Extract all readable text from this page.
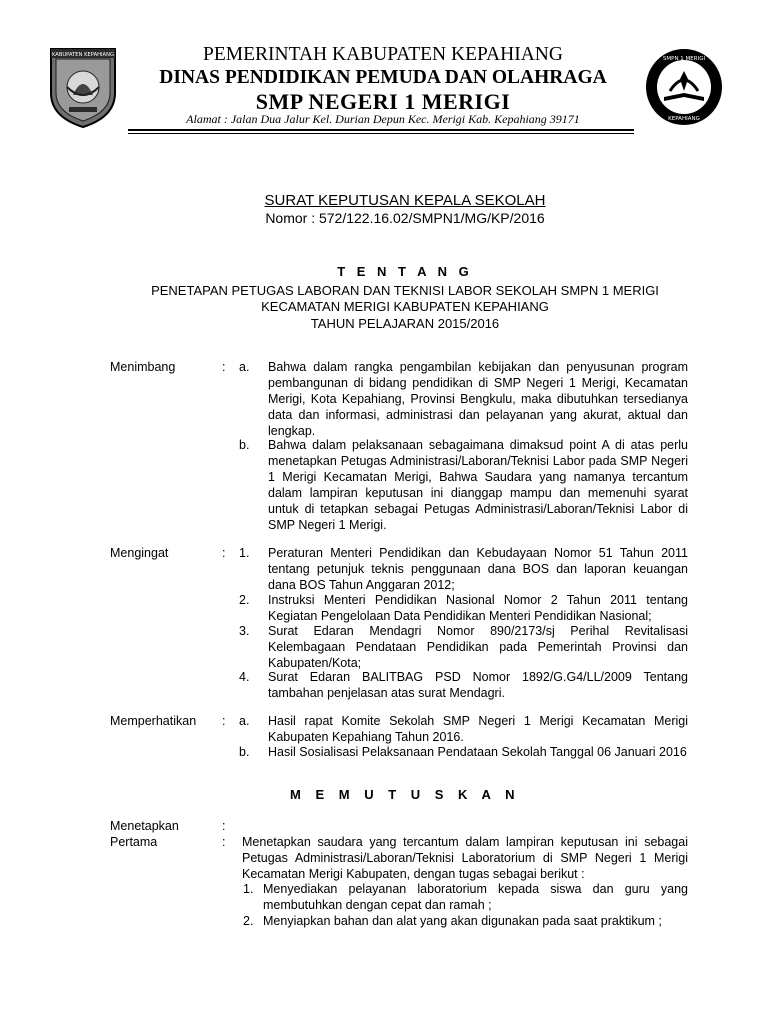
KABUPATEN KEPAHIANG	PEMERINTAH KABUPATEN KEPAHIANG
DINAS PENDIDIKAN PEMUDA DAN OLAHRAGA
SMP NEGERI 1 MERIGI
Alamat : Jalan Dua Jalur Kel. Durian Depun Kec. Merigi Kab. Kepahiang 39171
SMPN 1 MERIGI
KEPAHIANG
SURAT KEPUTUSAN KEPALA SEKOLAH
Nomor : 572/122.16.02/SMPN1/MG/KP/2016
T E N T A N G
PENETAPAN PETUGAS LABORAN DAN TEKNISI LABOR SEKOLAH SMPN 1 MERIGI
KECAMATAN MERIGI KABUPATEN KEPAHIANG
TAHUN PELAJARAN 2015/2016
Menimbang	: a. Bahwa dalam rangka pengambilan kebijakan dan penyusunan program pembangunan di bidang pendidikan di SMP Negeri 1 Merigi, Kecamatan Merigi, Kota Kepahiang, Provinsi Bengkulu, maka dibutuhkan tersedianya data dan informasi, administrasi dan pelayanan yang akurat, aktual dan lengkap.
b. Bahwa dalam pelaksanaan sebagaimana dimaksud point A di atas perlu menetapkan Petugas Administrasi/Laboran/Teknisi Labor pada SMP Negeri 1 Merigi Kecamatan Merigi, Bahwa Saudara yang namanya tercantum dalam lampiran keputusan ini dianggap mampu dan memenuhi syarat untuk di tetapkan sebagai Petugas Administrasi/Laboran/Teknisi Labor di SMP Negeri 1 Merigi.
Mengingat	: 1. Peraturan Menteri Pendidikan dan Kebudayaan Nomor 51 Tahun 2011 tentang petunjuk teknis penggunaan dana BOS dan laporan keuangan dana BOS Tahun Anggaran 2012;
2. Instruksi Menteri Pendidikan Nasional Nomor 2 Tahun 2011 tentang Kegiatan Pengelolaan Data Pendidikan Menteri Pendidikan Nasional;
3. Surat Edaran Mendagri Nomor 890/2173/sj Perihal Revitalisasi Kelembagaan Pendataan Pendidikan pada Pemerintah Provinsi dan Kabupaten/Kota;
4. Surat Edaran BALITBAG PSD Nomor 1892/G.G4/LL/2009 Tentang tambahan penjelasan atas surat Mendagri.
Memperhatikan : a. Hasil rapat Komite Sekolah SMP Negeri 1 Merigi Kecamatan Merigi Kabupaten Kepahiang Tahun 2016.
b. Hasil Sosialisasi Pelaksanaan Pendataan Sekolah Tanggal 06 Januari 2016
M E M U T U S K A N
Menetapkan	:
Pertama	: Menetapkan saudara yang tercantum dalam lampiran keputusan ini sebagai Petugas Administrasi/Laboran/Teknisi Laboratorium di SMP Negeri 1 Merigi Kecamatan Merigi Kabupaten, dengan tugas sebagai berikut :
1. Menyediakan pelayanan laboratorium kepada siswa dan guru yang membutuhkan dengan cepat dan ramah ;
2. Menyiapkan bahan dan alat yang akan digunakan pada saat praktikum ;
